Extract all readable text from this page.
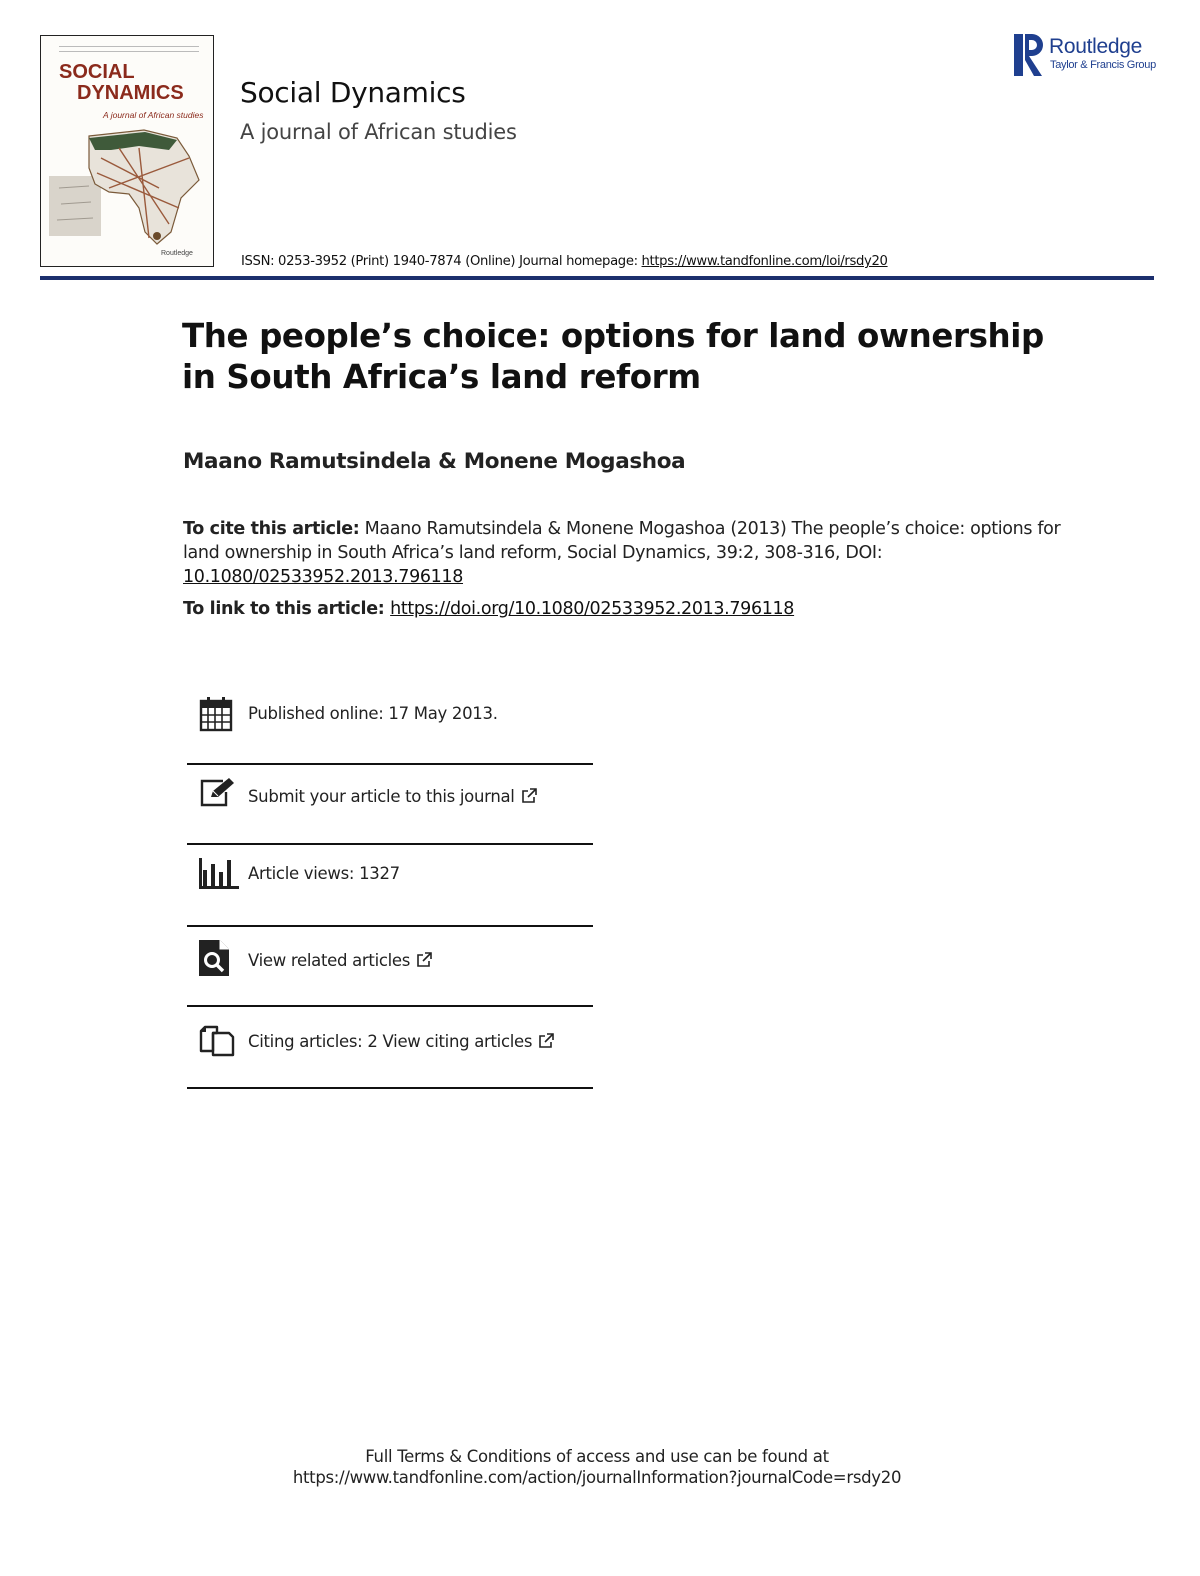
SOCIAL
DYNAMICS
A journal of African studies
Routledge
Social Dynamics
A journal of African studies
ISSN: 0253-3952 (Print) 1940-7874 (Online) Journal homepage: https://www.tandfonline.com/loi/rsdy20
Routledge
Taylor & Francis Group
The people’s choice: options for land ownership in South Africa’s land reform
Maano Ramutsindela & Monene Mogashoa
To cite this article: Maano Ramutsindela & Monene Mogashoa (2013) The people’s choice: options for land ownership in South Africa’s land reform, Social Dynamics, 39:2, 308-316, DOI: 10.1080/02533952.2013.796118
To link to this article: https://doi.org/10.1080/02533952.2013.796118
Published online: 17 May 2013.
Submit your article to this journal
Article views: 1327
View related articles
Citing articles: 2 View citing articles
Full Terms & Conditions of access and use can be found at
https://www.tandfonline.com/action/journalInformation?journalCode=rsdy20
